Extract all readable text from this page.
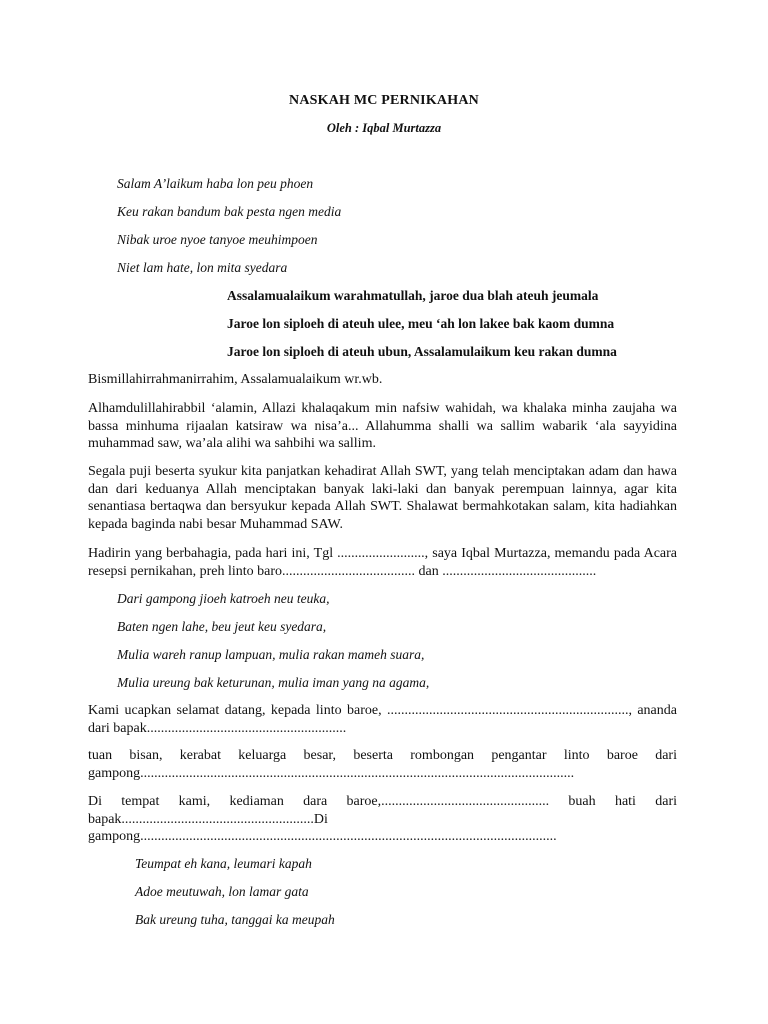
NASKAH MC PERNIKAHAN
Oleh : Iqbal Murtazza
Salam A’laikum haba lon peu phoen
Keu rakan bandum bak pesta ngen media
Nibak uroe nyoe tanyoe meuhimpoen
Niet lam hate, lon mita syedara
Assalamualaikum warahmatullah, jaroe dua blah ateuh jeumala
Jaroe lon siploeh di ateuh ulee, meu ‘ah lon lakee bak kaom dumna
Jaroe lon siploeh di ateuh ubun, Assalamulaikum keu rakan dumna
Bismillahirrahmanirrahim, Assalamualaikum wr.wb.
Alhamdulillahirabbil ‘alamin, Allazi khalaqakum min nafsiw wahidah, wa khalaka minha zaujaha wa
bassa minhuma rijaalan katsiraw wa nisa’a... Allahumma shalli wa sallim wabarik ‘ala sayyidina
muhammad saw, wa’ala alihi wa sahbihi wa sallim.
Segala puji beserta syukur kita panjatkan kehadirat Allah SWT, yang telah menciptakan adam dan hawa
dan dari keduanya Allah menciptakan banyak laki-laki dan banyak perempuan lainnya, agar kita
senantiasa bertaqwa dan bersyukur kepada Allah SWT. Shalawat bermahkotakan salam, kita hadiahkan
kepada baginda nabi besar Muhammad SAW.
Hadirin yang berbahagia, pada hari ini, Tgl ........................., saya Iqbal Murtazza, memandu pada Acara
resepsi pernikahan, preh linto baro...................................... dan ............................................
Dari gampong jioeh katroeh neu teuka,
Baten ngen lahe, beu jeut keu syedara,
Mulia wareh ranup lampuan, mulia rakan mameh suara,
Mulia ureung bak keturunan, mulia iman yang na agama,
Kami ucapkan selamat datang, kepada linto baroe, ....................................................................., ananda
dari bapak.........................................................
tuan bisan, kerabat keluarga besar, beserta rombongan pengantar linto baroe dari
gampong............................................................................................................................
Di tempat kami, kediaman dara baroe,................................................ buah hati dari
bapak.......................................................Di
gampong.......................................................................................................................
Teumpat eh kana, leumari kapah
Adoe meutuwah, lon lamar gata
Bak ureung tuha, tanggai ka meupah
